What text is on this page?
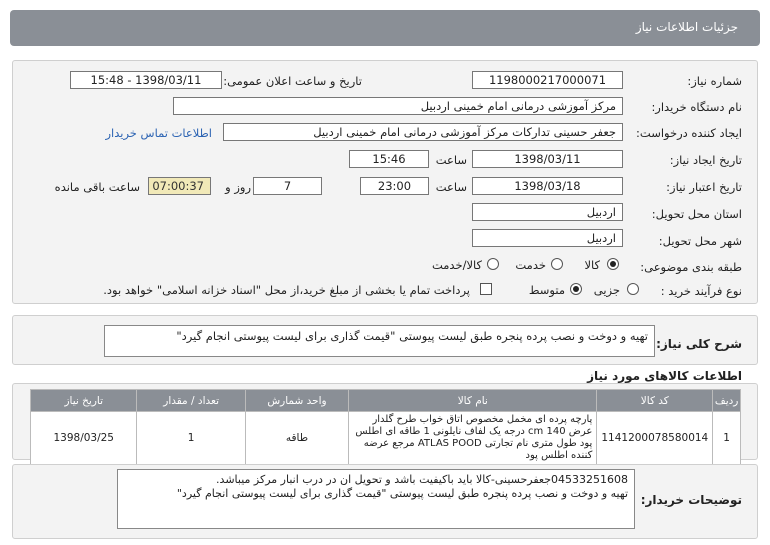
جزئیات اطلاعات نیاز
شماره نیاز:
1198000217000071
تاریخ و ساعت اعلان عمومی:
1398/03/11 - 15:48
نام دستگاه خریدار:
مرکز آموزشی درمانی امام خمینی اردبیل
ایجاد کننده درخواست:
جعفر حسینی تدارکات مرکز آموزشی درمانی امام خمینی اردبیل
اطلاعات تماس خریدار
تاریخ ایجاد نیاز:
1398/03/11
ساعت
15:46
تاریخ اعتبار نیاز:
1398/03/18
ساعت
23:00
7
روز و
07:00:37
ساعت باقی مانده
استان محل تحویل:
اردبیل
شهر محل تحویل:
اردبیل
طبقه بندی موضوعی:
کالا
خدمت
کالا/خدمت
نوع فرآیند خرید :
جزیی
متوسط
پرداخت تمام یا بخشی از مبلغ خرید،از محل "اسناد خزانه اسلامی" خواهد بود.
شرح کلی نیاز:
تهیه و دوخت و نصب پرده پنجره طبق لیست پیوستی "قیمت گذاری برای لیست پیوستی انجام گیرد"
اطلاعات کالاهای مورد نیاز
ردیف	کد کالا	نام کالا	واحد شمارش	تعداد / مقدار	تاریخ نیاز
1	1141200078580014	پارچه پرده ای مخمل مخصوص اتاق خواب طرح گلدار عرض 140 cm درجه یک لفاف نایلونی 1 طاقه ای اطلس پود طول متری نام تجارتی ATLAS POOD مرجع عرضه کننده اطلس پود	طاقه	1	1398/03/25
توضیحات خریدار:
04533251608جعفرحسینی-کالا باید باکیفیت باشد و تحویل ان در درب انبار مرکز میباشد.
تهیه و دوخت و نصب پرده پنجره طبق لیست پیوستی "قیمت گذاری برای لیست پیوستی انجام گیرد"
